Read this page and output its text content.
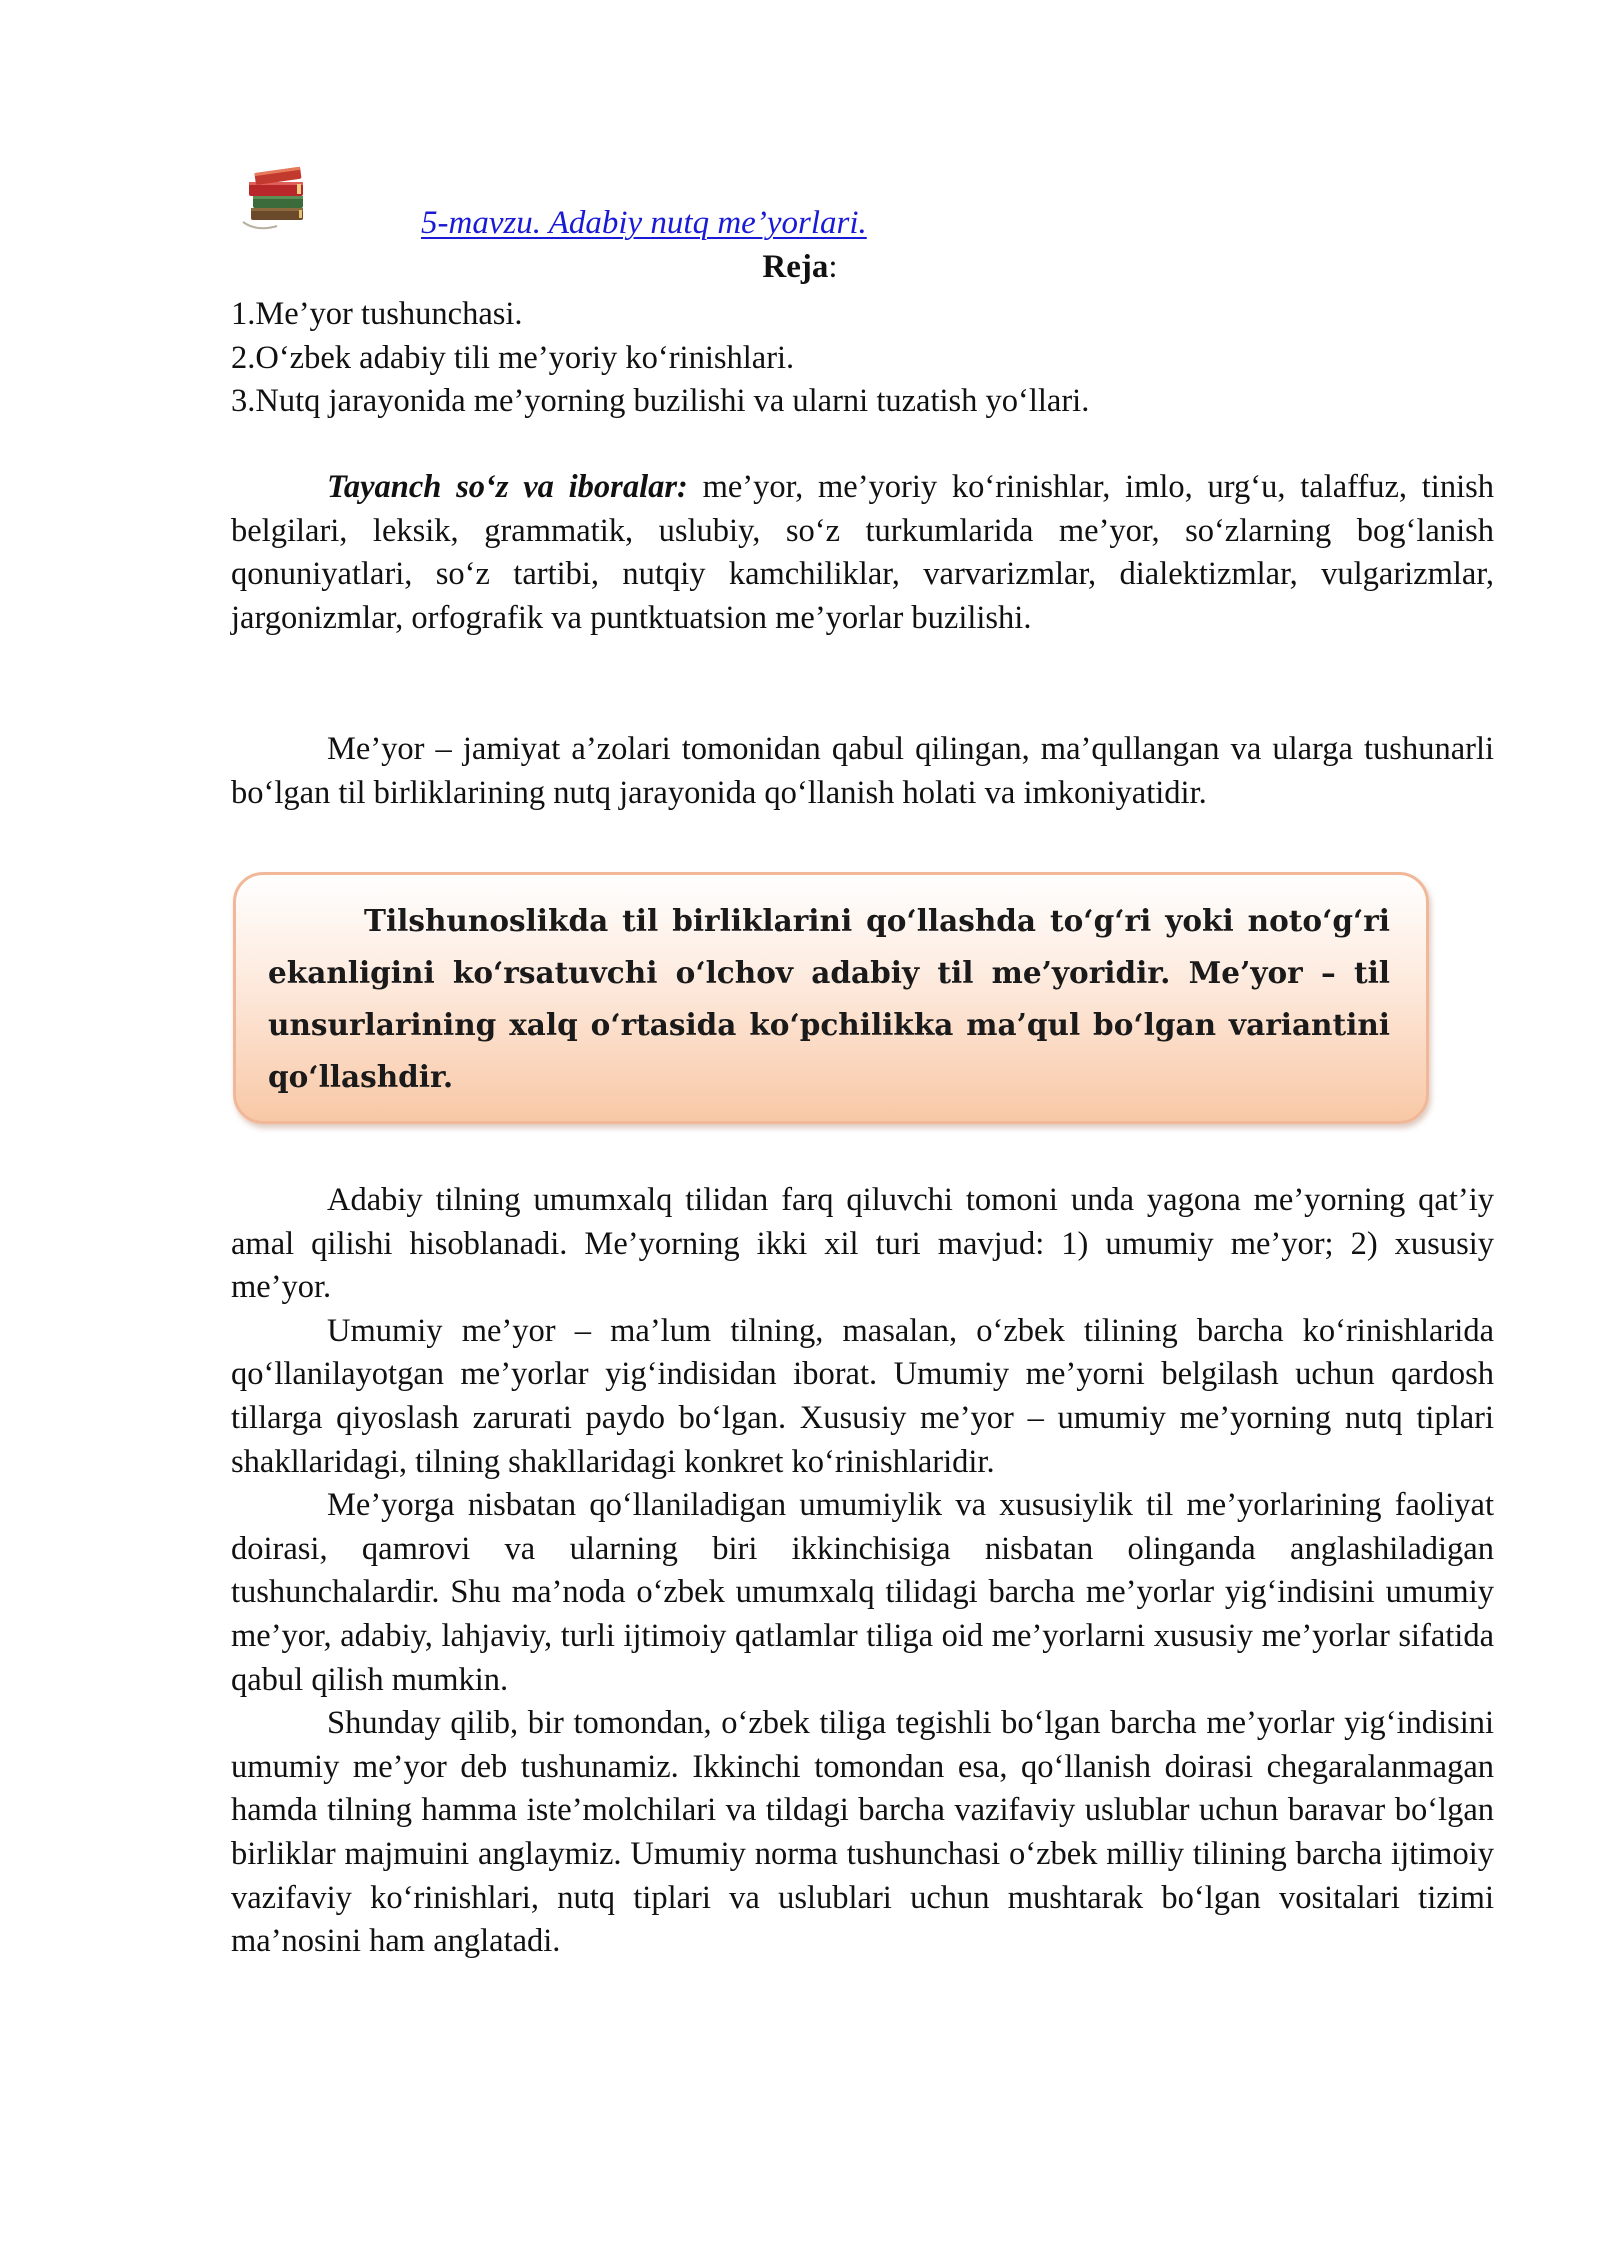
5-mavzu. Adabiy nutq me’yorlari.
Reja:
1.Me’yor tushunchasi.
2.O‘zbek adabiy tili me’yoriy ko‘rinishlari.
3.Nutq jarayonida me’yorning buzilishi va ularni tuzatish yo‘llari.
Tayanch so‘z va iboralar: me’yor, me’yoriy ko‘rinishlar, imlo, urg‘u, talaffuz, tinish belgilari, leksik, grammatik, uslubiy, so‘z turkumlarida me’yor, so‘zlarning bog‘lanish qonuniyatlari, so‘z tartibi, nutqiy kamchiliklar, varvarizmlar, dialektizmlar, vulgarizmlar, jargonizmlar, orfografik va puntktuatsion me’yorlar buzilishi.
Me’yor – jamiyat a’zolari tomonidan qabul qilingan, ma’qullangan va ularga tushunarli bo‘lgan til birliklarining nutq jarayonida qo‘llanish holati va imkoniyatidir.

Tilshunoslikda til birliklarini qo‘llashda to‘g‘ri yoki noto‘g‘ri ekanligini ko‘rsatuvchi o‘lchov adabiy til me’yoridir. Me’yor – til unsurlarining xalq o‘rtasida ko‘pchilikka ma’qul bo‘lgan variantini qo‘llashdir.

Adabiy tilning umumxalq tilidan farq qiluvchi tomoni unda yagona me’yorning qat’iy amal qilishi hisoblanadi. Me’yorning ikki xil turi mavjud: 1) umumiy me’yor; 2) xususiy me’yor.

Umumiy me’yor – ma’lum tilning, masalan, o‘zbek tilining barcha ko‘rinishlarida qo‘llanilayotgan me’yorlar yig‘indisidan iborat. Umumiy me’yorni belgilash uchun qardosh tillarga qiyoslash zarurati paydo bo‘lgan. Xususiy me’yor – umumiy me’yorning nutq tiplari shakllaridagi, tilning shakllaridagi konkret ko‘rinishlaridir.

Me’yorga nisbatan qo‘llaniladigan umumiylik va xususiylik til me’yorlarining faoliyat doirasi, qamrovi va ularning biri ikkinchisiga nisbatan olinganda anglashiladigan tushunchalardir. Shu ma’noda o‘zbek umumxalq tilidagi barcha me’yorlar yig‘indisini umumiy me’yor, adabiy, lahjaviy, turli ijtimoiy qatlamlar tiliga oid me’yorlarni xususiy me’yorlar sifatida qabul qilish mumkin.

Shunday qilib, bir tomondan, o‘zbek tiliga tegishli bo‘lgan barcha me’yorlar yig‘indisini umumiy me’yor deb tushunamiz. Ikkinchi tomondan esa, qo‘llanish doirasi chegaralanmagan hamda tilning hamma iste’molchilari va tildagi barcha vazifaviy uslublar uchun baravar bo‘lgan birliklar majmuini anglaymiz. Umumiy norma tushunchasi o‘zbek milliy tilining barcha ijtimoiy vazifaviy ko‘rinishlari, nutq tiplari va uslublari uchun mushtarak bo‘lgan vositalari tizimi ma’nosini ham anglatadi.
